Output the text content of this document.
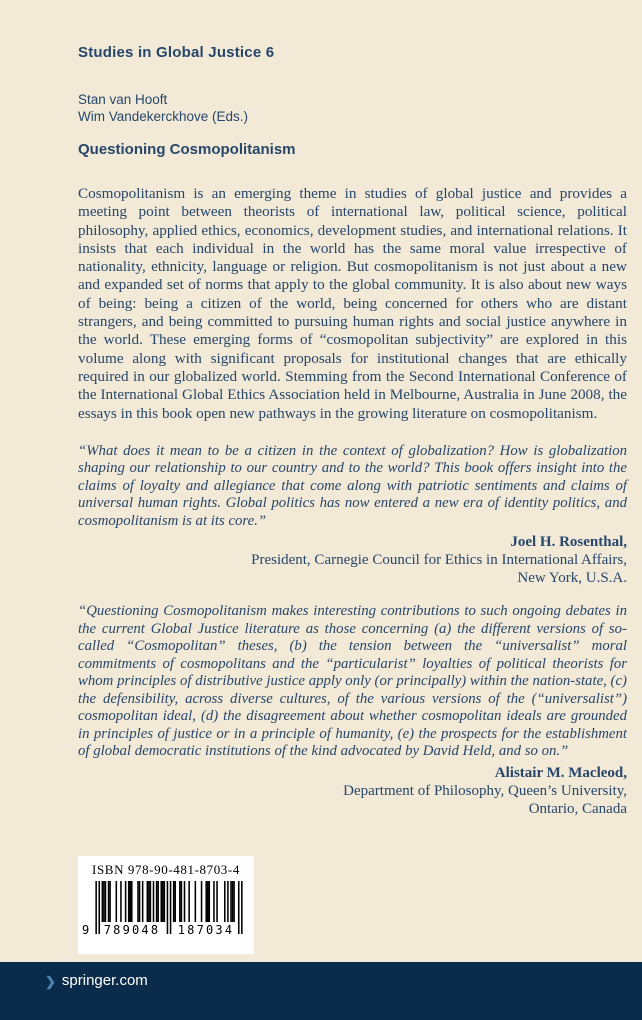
Studies in Global Justice 6
Stan van Hooft
Wim Vandekerckhove (Eds.)
Questioning Cosmopolitanism

Cosmopolitanism is an emerging theme in studies of global justice and provides a meeting point between theorists of international law, political science, political philosophy, applied ethics, economics, development studies, and international relations. It insists that each individual in the world has the same moral value irrespective of nationality, ethnicity, language or religion. But cosmopolitanism is not just about a new and expanded set of norms that apply to the global community. It is also about new ways of being: being a citizen of the world, being concerned for others who are distant strangers, and being committed to pursuing human rights and social justice anywhere in the world. These emerging forms of “cosmopolitan subjectivity” are explored in this volume along with significant proposals for institutional changes that are ethically required in our globalized world. Stemming from the Second International Conference of the International Global Ethics Association held in Melbourne, Australia in June 2008, the essays in this book open new pathways in the growing literature on cosmopolitanism.

“What does it mean to be a citizen in the context of globalization? How is globalization shaping our relationship to our country and to the world? This book offers insight into the claims of loyalty and allegiance that come along with patriotic sentiments and claims of universal human rights. Global politics has now entered a new era of identity politics, and cosmopolitanism is at its core.”

Joel H. Rosenthal,
President, Carnegie Council for Ethics in International Affairs,
New York, U.S.A.

“Questioning Cosmopolitanism makes interesting contributions to such ongoing debates in the current Global Justice literature as those concerning (a) the different versions of so-called “Cosmopolitan” theses, (b) the tension between the “universalist” moral commitments of cosmopolitans and the “particularist” loyalties of political theorists for whom principles of distributive justice apply only (or principally) within the nation-state, (c) the defensibility, across diverse cultures, of the various versions of the (“universalist”) cosmopolitan ideal, (d) the disagreement about whether cosmopolitan ideals are grounded in principles of justice or in a principle of humanity, (e) the prospects for the establishment of global democratic institutions of the kind advocated by David Held, and so on.”

Alistair M. Macleod,
Department of Philosophy, Queen’s University,
Ontario, Canada
ISBN 978-90-481-8703-4
9	789048	187034
❯ springer.com
